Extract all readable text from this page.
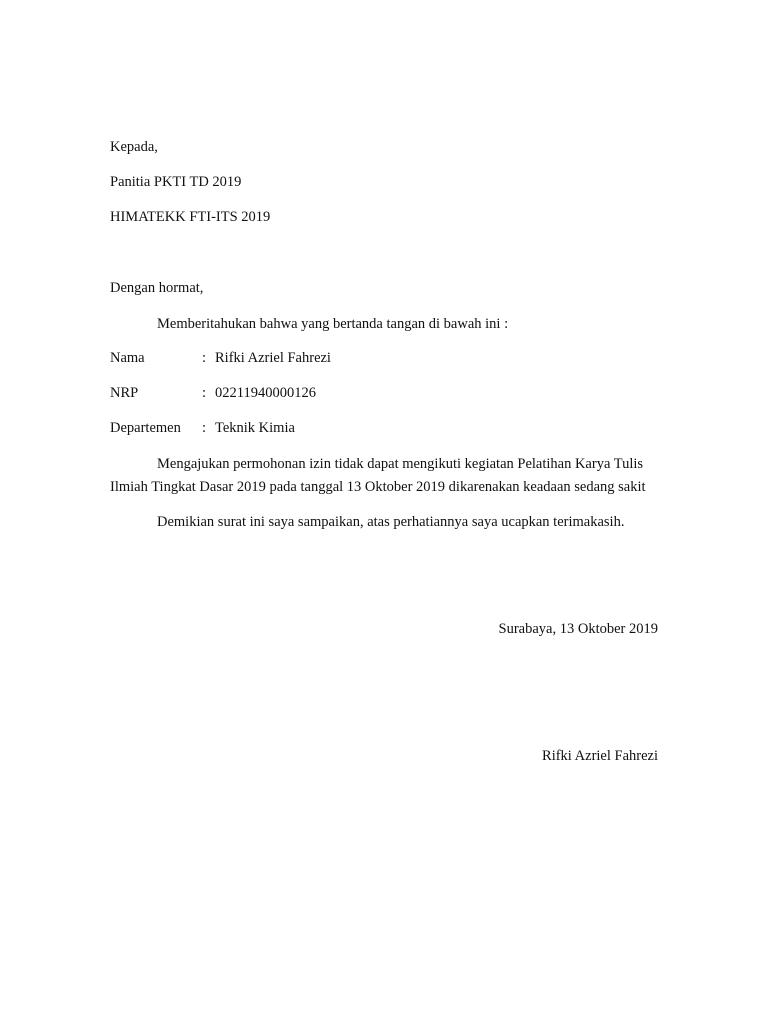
Kepada,
Panitia PKTI TD 2019
HIMATEKK FTI-ITS 2019
Dengan hormat,
Memberitahukan bahwa yang bertanda tangan di bawah ini :
Nama	: Rifki Azriel Fahrezi
NRP	: 02211940000126
Departemen : Teknik Kimia
Mengajukan permohonan izin tidak dapat mengikuti kegiatan Pelatihan Karya Tulis
Ilmiah Tingkat Dasar 2019 pada tanggal 13 Oktober 2019 dikarenakan keadaan sedang sakit
Demikian surat ini saya sampaikan, atas perhatiannya saya ucapkan terimakasih.
Surabaya, 13 Oktober 2019
Rifki Azriel Fahrezi
